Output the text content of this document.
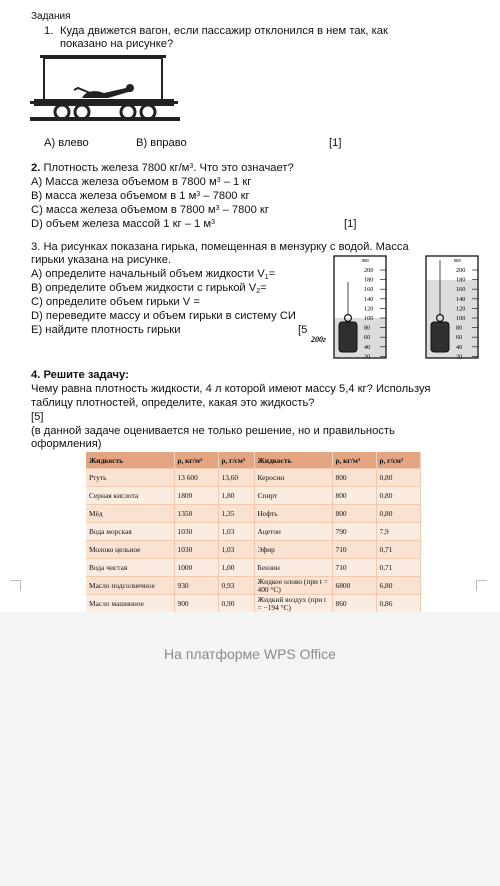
Задания
1. Куда движется вагон, если пассажир отклонился в нем так, как
показано на рисунке?
А) влево	В) вправо	[1]
2. Плотность железа 7800 $кг/м^3$. Что это означает?
А) Масса железа объемом в 7800 $м^3 - 1$ кг
В) масса железа объемом в 1 $м^3 - 7800$ кг
С) масса железа объемом в 7800 $м^3 - 7800$ кг
D) объем железа массой 1 кг – 1 $м^3$	[1]
3. На рисунках показана гирька, помещенная в мензурку с водой. Масса
гирьки указана на рисунке.
А) определите начальный объем жидкости $V_1=$
В) определите объем жидкости с гирькой $V_2=$
С) определите объем гирьки V =
D) переведите массу и объем гирьки в систему СИ
Е) найдите плотность гирьки	[5
200
180
160
140
120
100
80
60
40
20
мл
200г
200
180
160
140
120
100
80
60
40
20
мл
4. Решите задачу:
Чему равна плотность жидкости, 4 л которой имеют массу 5,4 кг? Используя
таблицу плотностей, определите, какая это жидкость?
[5]
(в данной задаче оценивается не только решение, но и правильность
оформления)
Жидкость	ρ, кг/м³	ρ, г/см³	Жидкость	ρ, кг/м³	ρ, г/см³
Ртуть	13 600	13,60	Керосин	800	0,80
Серная кислота	1800	1,80	Спирт	800	0,80
Мёд	1350	1,35	Нефть	800	0,80
Вода морская	1030	1,03	Ацетон	790	7,9
Молоко цельное	1030	1,03	Эфир	710	0,71
Вода чистая	1000	1,00	Бензин	710	0,71
Масло подсолнечное	930	0,93	Жидкое олово (при t = 400 °С)	6800	6,80
Масло машинное	900	0,90	Жидкий воздух (при t = −194 °С)	860	0,86
На платформе WPS Office
